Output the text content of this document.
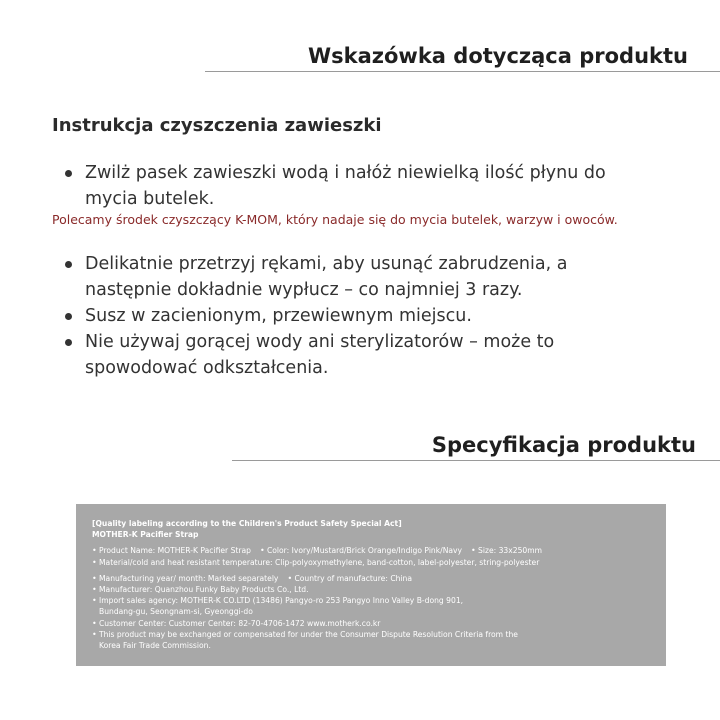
Wskazówka dotycząca produktu
Instrukcja czyszczenia zawieszki
Zwilż pasek zawieszki wodą i nałóż niewielką ilość płynu do mycia butelek.
Polecamy środek czyszczący K-MOM, który nadaje się do mycia butelek, warzyw i owoców.
Delikatnie przetrzyj rękami, aby usunąć zabrudzenia, a następnie dokładnie wypłucz – co najmniej 3 razy.
Susz w zacienionym, przewiewnym miejscu.
Nie używaj gorącej wody ani sterylizatorów – może to spowodować odkształcenia.
Specyfikacja produktu
[Quality labeling according to the Children's Product Safety Special Act]
MOTHER-K Pacifier Strap
• Product Name: MOTHER-K Pacifier Strap • Color: Ivory/Mustard/Brick Orange/Indigo Pink/Navy • Size: 33x250mm
• Material/cold and heat resistant temperature: Clip-polyoxymethylene, band-cotton, label-polyester, string-polyester
• Manufacturing year/ month: Marked separately • Country of manufacture: China
• Manufacturer: Quanzhou Funky Baby Products Co., Ltd.
• Import sales agency: MOTHER-K CO.LTD (13486) Pangyo-ro 253 Pangyo Inno Valley B-dong 901,
Bundang-gu, Seongnam-si, Gyeonggi-do
• Customer Center: Customer Center: 82-70-4706-1472 www.motherk.co.kr
• This product may be exchanged or compensated for under the Consumer Dispute Resolution Criteria from the
Korea Fair Trade Commission.
